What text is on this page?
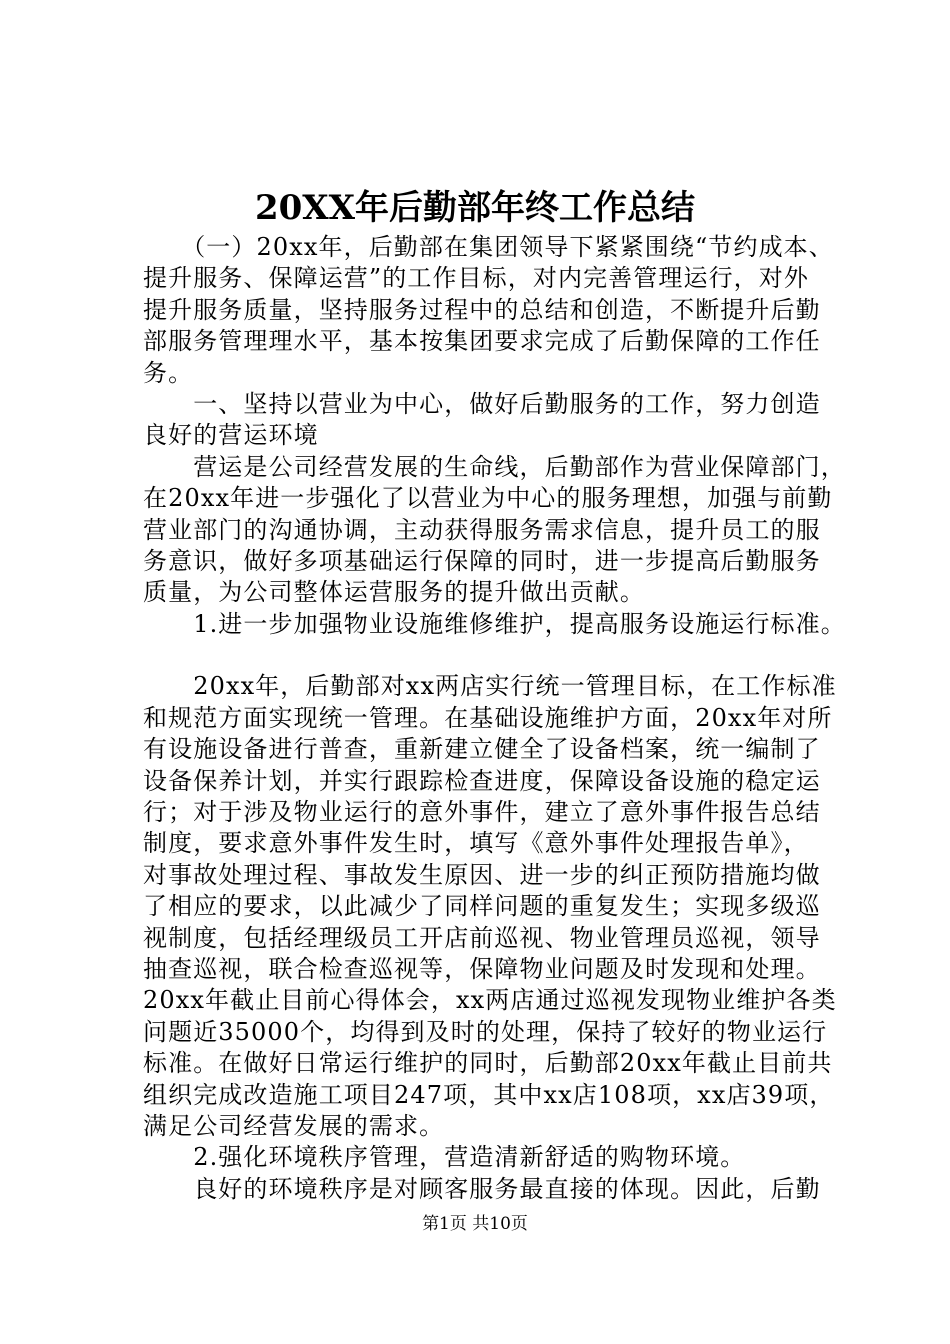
20XX年后勤部年终工作总结
　　（一）20xx年，后勤部在集团领导下紧紧围绕“节约成本、
提升服务、保障运营”的工作目标，对内完善管理运行，对外
提升服务质量，坚持服务过程中的总结和创造，不断提升后勤
部服务管理理水平，基本按集团要求完成了后勤保障的工作任
务。
　　一、坚持以营业为中心，做好后勤服务的工作，努力创造
良好的营运环境
　　营运是公司经营发展的生命线，后勤部作为营业保障部门，
在20xx年进一步强化了以营业为中心的服务理想，加强与前勤
营业部门的沟通协调，主动获得服务需求信息，提升员工的服
务意识，做好多项基础运行保障的同时，进一步提高后勤服务
质量，为公司整体运营服务的提升做出贡献。
　　1.进一步加强物业设施维修维护，提高服务设施运行标准。
　　20xx年，后勤部对xx两店实行统一管理目标，在工作标准
和规范方面实现统一管理。在基础设施维护方面，20xx年对所
有设施设备进行普查，重新建立健全了设备档案，统一编制了
设备保养计划，并实行跟踪检查进度，保障设备设施的稳定运
行；对于涉及物业运行的意外事件，建立了意外事件报告总结
制度，要求意外事件发生时，填写《意外事件处理报告单》，
对事故处理过程、事故发生原因、进一步的纠正预防措施均做
了相应的要求，以此减少了同样问题的重复发生；实现多级巡
视制度，包括经理级员工开店前巡视、物业管理员巡视，领导
抽查巡视，联合检查巡视等，保障物业问题及时发现和处理。
20xx年截止目前心得体会，xx两店通过巡视发现物业维护各类
问题近35000个，均得到及时的处理，保持了较好的物业运行
标准。在做好日常运行维护的同时，后勤部20xx年截止目前共
组织完成改造施工项目247项，其中xx店108项，xx店39项，
满足公司经营发展的需求。
　　2.强化环境秩序管理，营造清新舒适的购物环境。
　　良好的环境秩序是对顾客服务最直接的体现。因此，后勤
第1页 共10页
